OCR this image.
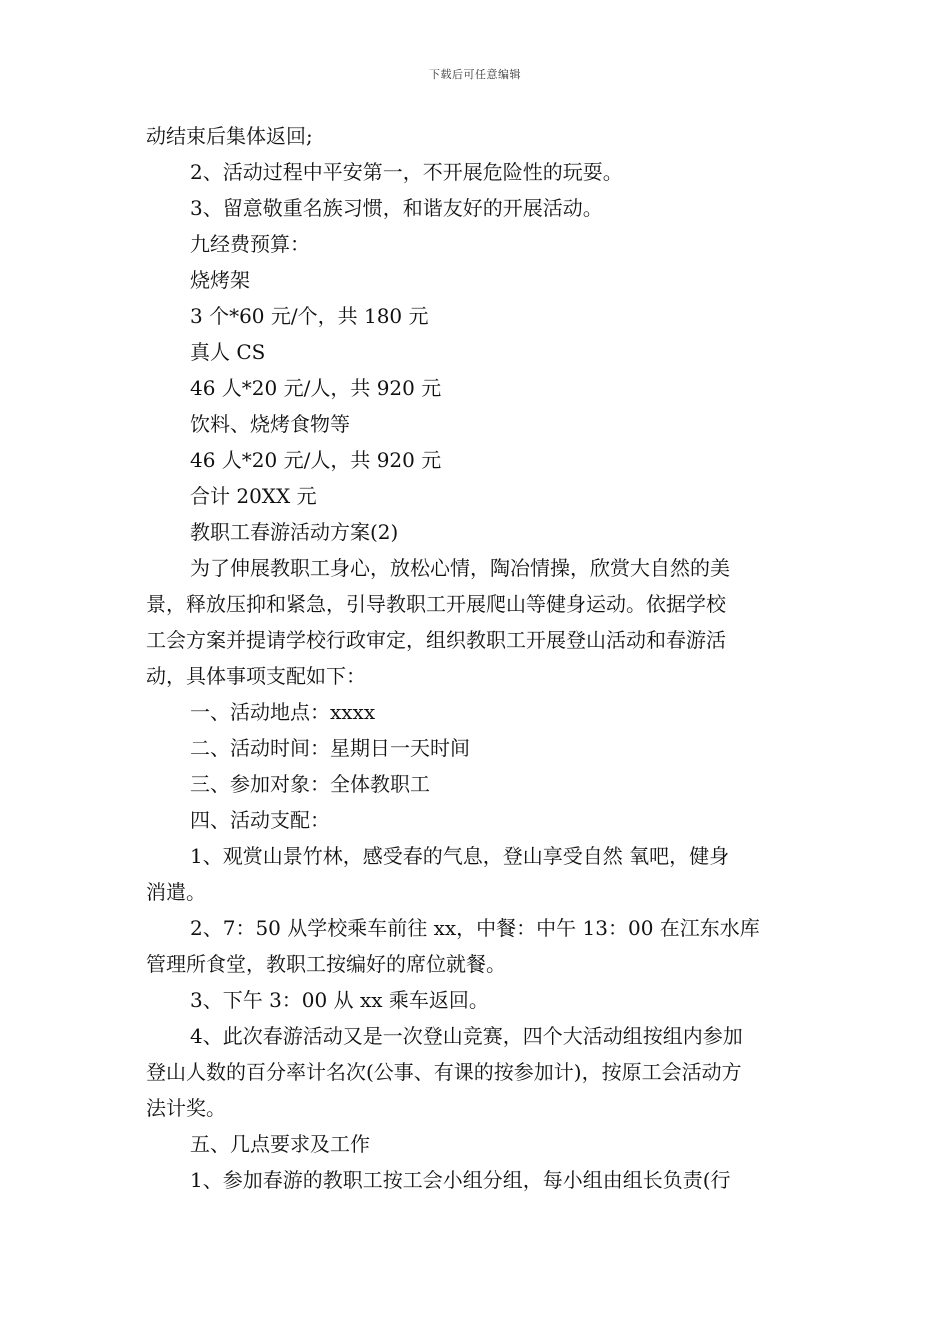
下载后可任意编辑

动结束后集体返回;

2、活动过程中平安第一，不开展危险性的玩耍。

3、留意敬重名族习惯，和谐友好的开展活动。

九经费预算：

烧烤架

3 个*60 元/个，共 180 元

真人 CS

46 人*20 元/人，共 920 元

饮料、烧烤食物等

46 人*20 元/人，共 920 元

合计 20XX 元

教职工春游活动方案(2)

为了伸展教职工身心，放松心情，陶冶情操，欣赏大自然的美

景，释放压抑和紧急，引导教职工开展爬山等健身运动。依据学校

工会方案并提请学校行政审定，组织教职工开展登山活动和春游活

动，具体事项支配如下：

一、活动地点：xxxx

二、活动时间：星期日一天时间

三、参加对象：全体教职工

四、活动支配：

1、观赏山景竹林，感受春的气息，登山享受自然 氧吧，健身

消遣。

2、7：50 从学校乘车前往 xx，中餐：中午 13：00 在江东水库

管理所食堂，教职工按编好的席位就餐。

3、下午 3：00 从 xx 乘车返回。

4、此次春游活动又是一次登山竞赛，四个大活动组按组内参加

登山人数的百分率计名次(公事、有课的按参加计)，按原工会活动方

法计奖。

五、几点要求及工作

1、参加春游的教职工按工会小组分组，每小组由组长负责(行
